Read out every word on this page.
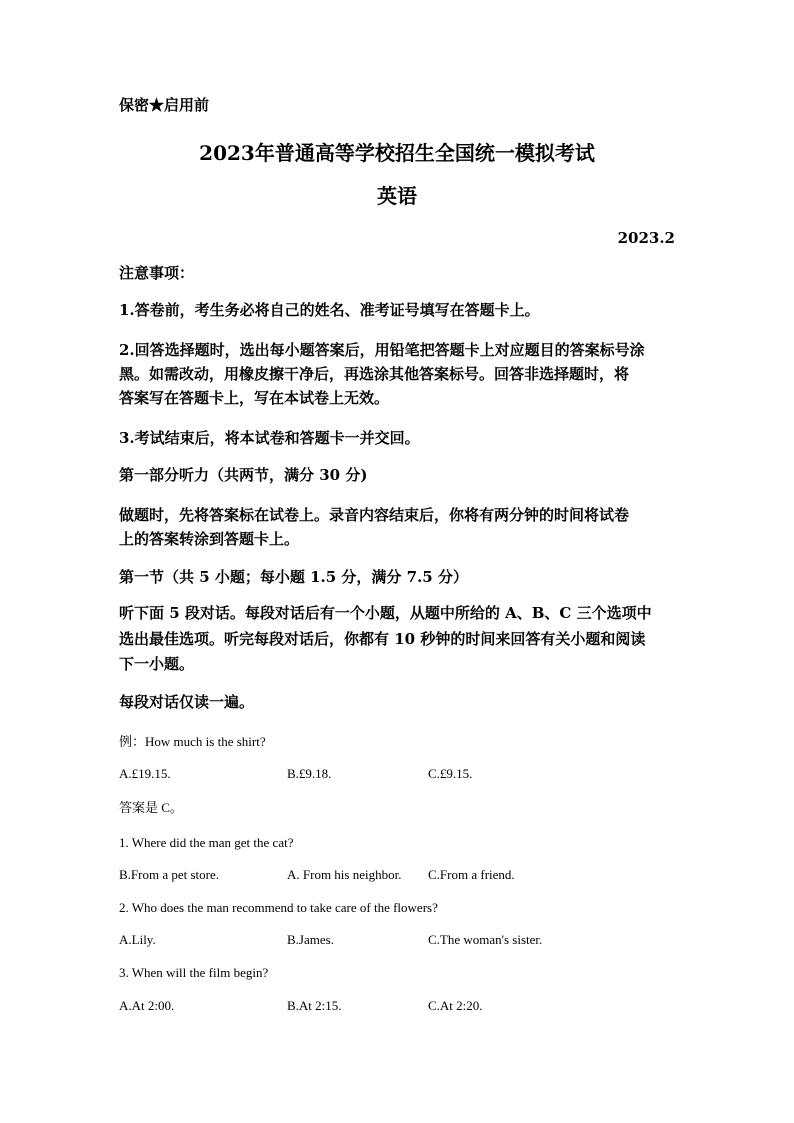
保密★启用前
2023年普通高等学校招生全国统一模拟考试
英语
2023.2
注意事项：
1.答卷前，考生务必将自己的姓名、准考证号填写在答题卡上。
2.回答选择题时，选出每小题答案后，用铅笔把答题卡上对应题目的答案标号涂
黑。如需改动，用橡皮擦干净后，再选涂其他答案标号。回答非选择题时，将
答案写在答题卡上，写在本试卷上无效。
3.考试结束后，将本试卷和答题卡一并交回。
第一部分听力（共两节，满分 30 分)
做题时，先将答案标在试卷上。录音内容结束后，你将有两分钟的时间将试卷
上的答案转涂到答题卡上。
第一节（共 5 小题；每小题 1.5 分，满分 7.5 分）
听下面 5 段对话。每段对话后有一个小题，从题中所给的 A、B、C 三个选项中
选出最佳选项。听完每段对话后，你都有 10 秒钟的时间来回答有关小题和阅读
下一小题。
每段对话仅读一遍。
例：How much is the shirt?
A.£19.15.	B.£9.18.	C.£9.15.
答案是 C。
1. Where did the man get the cat?
B.From a pet store.	A. From his neighbor. C.From a friend.
2. Who does the man recommend to take care of the flowers?
A.Lily.	B.James.	C.The woman's sister.
3. When will the film begin?
A.At 2:00.	B.At 2:15.	C.At 2:20.
